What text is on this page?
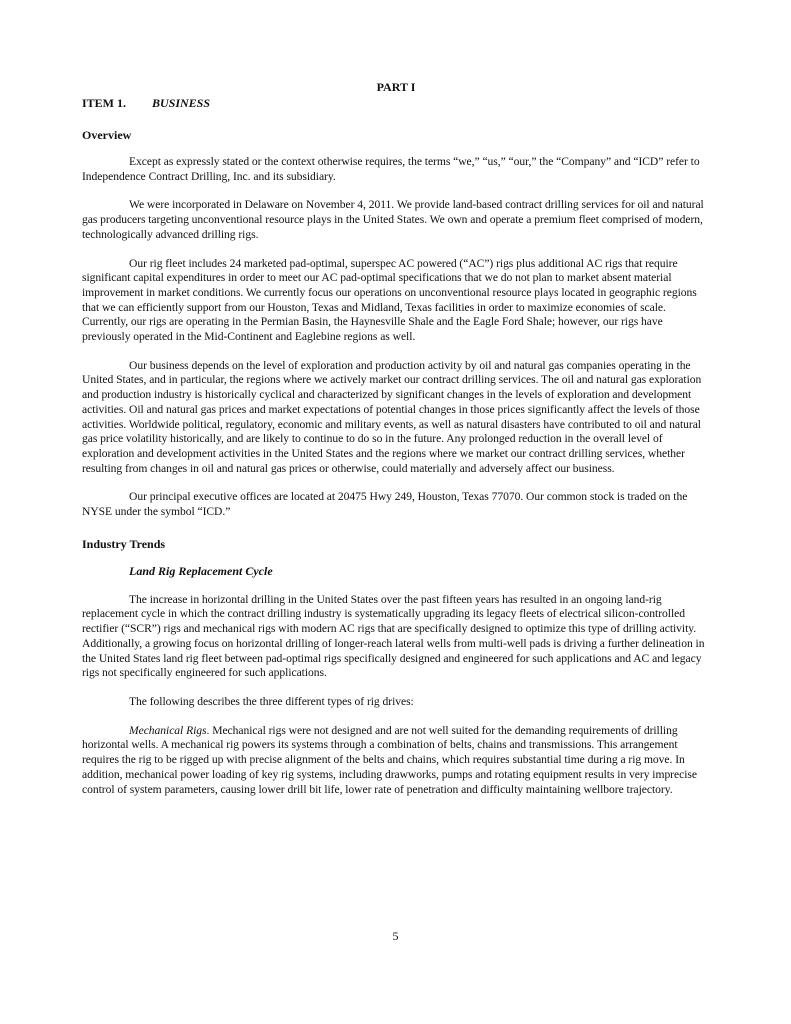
PART I
ITEM 1. BUSINESS
Overview

Except as expressly stated or the context otherwise requires, the terms “we,” “us,” “our,” the “Company” and “ICD” refer to Independence Contract Drilling, Inc. and its subsidiary.

We were incorporated in Delaware on November 4, 2011. We provide land-based contract drilling services for oil and natural gas producers targeting unconventional resource plays in the United States. We own and operate a premium fleet comprised of modern, technologically advanced drilling rigs.

Our rig fleet includes 24 marketed pad-optimal, superspec AC powered (“AC”) rigs plus additional AC rigs that require significant capital expenditures in order to meet our AC pad-optimal specifications that we do not plan to market absent material improvement in market conditions. We currently focus our operations on unconventional resource plays located in geographic regions that we can efficiently support from our Houston, Texas and Midland, Texas facilities in order to maximize economies of scale. Currently, our rigs are operating in the Permian Basin, the Haynesville Shale and the Eagle Ford Shale; however, our rigs have previously operated in the Mid-Continent and Eaglebine regions as well.

Our business depends on the level of exploration and production activity by oil and natural gas companies operating in the United States, and in particular, the regions where we actively market our contract drilling services. The oil and natural gas exploration and production industry is historically cyclical and characterized by significant changes in the levels of exploration and development activities. Oil and natural gas prices and market expectations of potential changes in those prices significantly affect the levels of those activities. Worldwide political, regulatory, economic and military events, as well as natural disasters have contributed to oil and natural gas price volatility historically, and are likely to continue to do so in the future. Any prolonged reduction in the overall level of exploration and development activities in the United States and the regions where we market our contract drilling services, whether resulting from changes in oil and natural gas prices or otherwise, could materially and adversely affect our business.

Our principal executive offices are located at 20475 Hwy 249, Houston, Texas 77070. Our common stock is traded on the NYSE under the symbol “ICD.”

Industry Trends
Land Rig Replacement Cycle

The increase in horizontal drilling in the United States over the past fifteen years has resulted in an ongoing land-rig replacement cycle in which the contract drilling industry is systematically upgrading its legacy fleets of electrical silicon-controlled rectifier (“SCR”) rigs and mechanical rigs with modern AC rigs that are specifically designed to optimize this type of drilling activity. Additionally, a growing focus on horizontal drilling of longer-reach lateral wells from multi-well pads is driving a further delineation in the United States land rig fleet between pad-optimal rigs specifically designed and engineered for such applications and AC and legacy rigs not specifically engineered for such applications.

The following describes the three different types of rig drives:

Mechanical Rigs. Mechanical rigs were not designed and are not well suited for the demanding requirements of drilling horizontal wells. A mechanical rig powers its systems through a combination of belts, chains and transmissions. This arrangement requires the rig to be rigged up with precise alignment of the belts and chains, which requires substantial time during a rig move. In addition, mechanical power loading of key rig systems, including drawworks, pumps and rotating equipment results in very imprecise control of system parameters, causing lower drill bit life, lower rate of penetration and difficulty maintaining wellbore trajectory.

5
